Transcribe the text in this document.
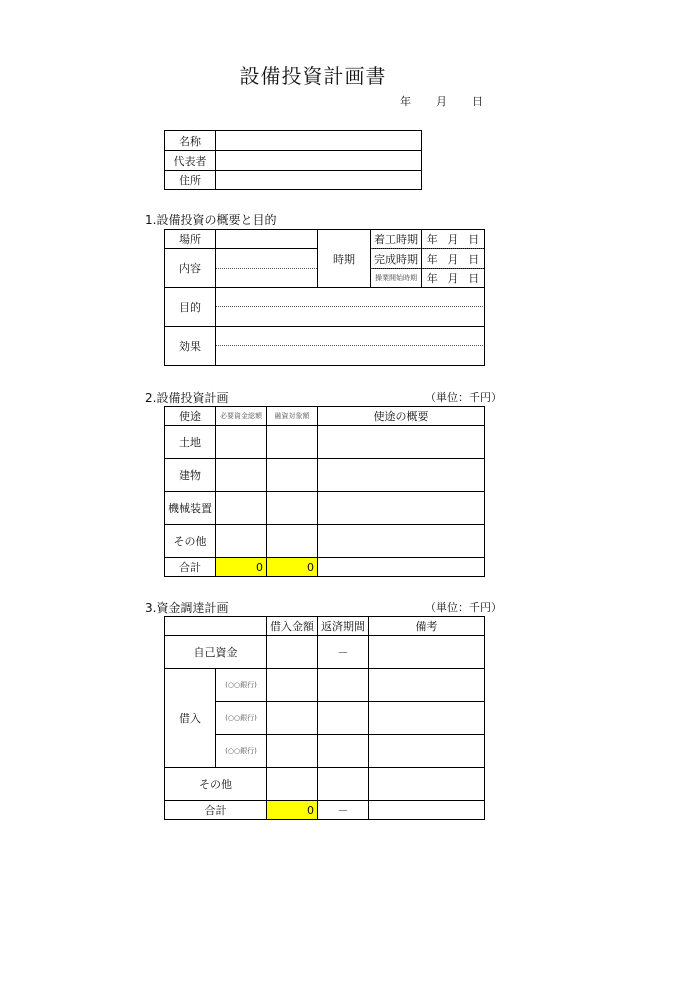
設備投資計画書
年 月 日
名称	
代表者	
住所	
1.設備投資の概要と目的
場所		時期	着工時期	年	月	日
内容			完成時期	年	月	日
			操業開始時期	年	月	日
目的						
効果						
2.設備投資計画	（単位：千円）
使途	必要資金総額	融資対象額	使途の概要
土地			
建物			
機械装置			
その他			
合計	0	0	
3.資金調達計画	（単位：千円）
		借入金額	返済期間	備考
自己資金			－	
借入	(○○銀行)			
	(○○銀行)			
	(○○銀行)			
その他				
合計		0	－	
